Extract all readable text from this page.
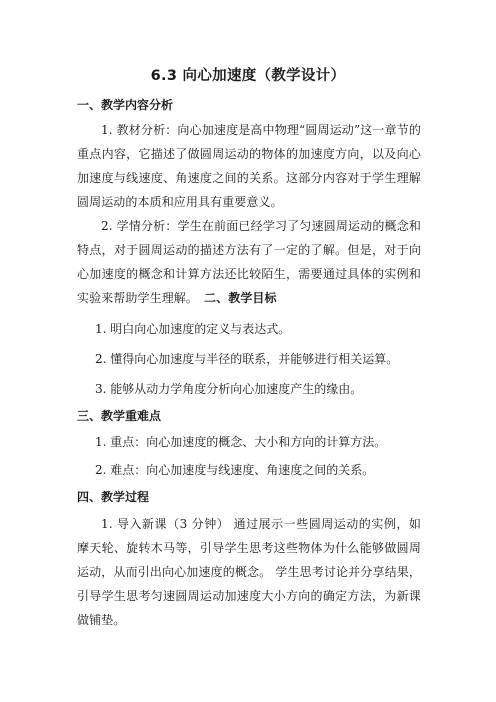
6.3 向心加速度（教学设计）
一、教学内容分析
1. 教材分析：向心加速度是高中物理“圆周运动”这一章节的重点内容，它描述了做圆周运动的物体的加速度方向，以及向心加速度与线速度、角速度之间的关系。这部分内容对于学生理解圆周运动的本质和应用具有重要意义。
2. 学情分析：学生在前面已经学习了匀速圆周运动的概念和特点，对于圆周运动的描述方法有了一定的了解。但是，对于向心加速度的概念和计算方法还比较陌生，需要通过具体的实例和实验来帮助学生理解。 二、教学目标
1. 明白向心加速度的定义与表达式。
2. 懂得向心加速度与半径的联系，并能够进行相关运算。
3. 能够从动力学角度分析向心加速度产生的缘由。
三、教学重难点
1. 重点：向心加速度的概念、大小和方向的计算方法。
2. 难点：向心加速度与线速度、角速度之间的关系。
四、教学过程
1. 导入新课（3 分钟） 通过展示一些圆周运动的实例，如摩天轮、旋转木马等，引导学生思考这些物体为什么能够做圆周运动，从而引出向心加速度的概念。 学生思考讨论并分享结果，引导学生思考匀速圆周运动加速度大小方向的确定方法，为新课做铺垫。
